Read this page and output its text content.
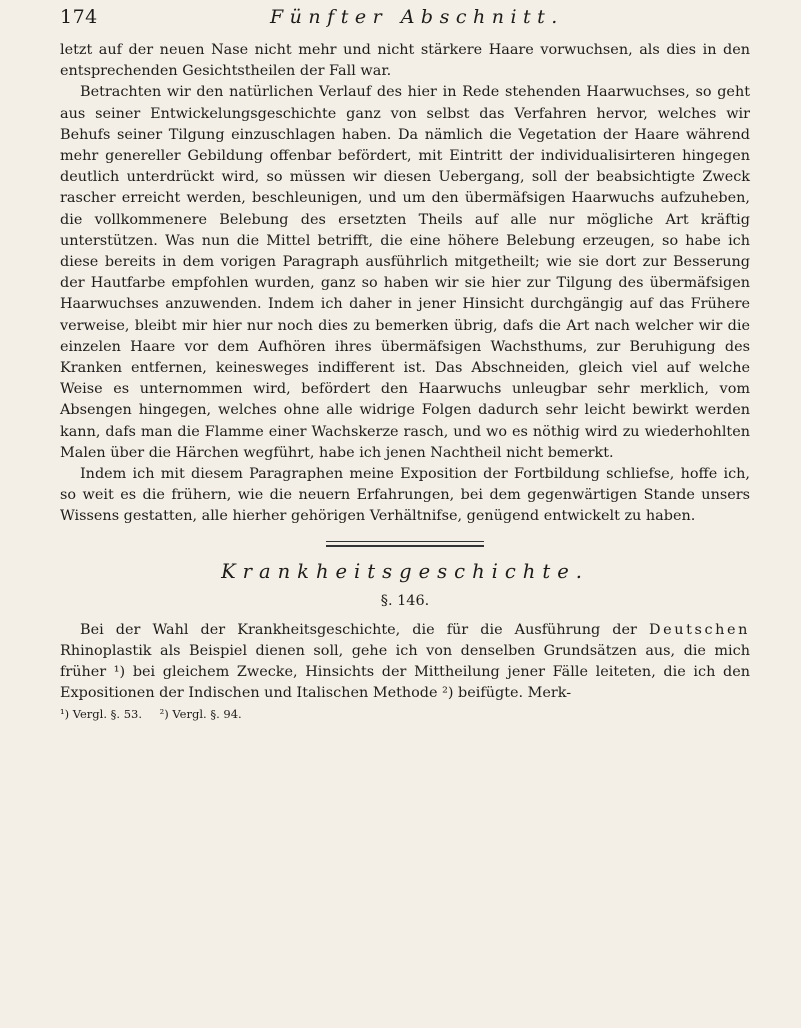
174	Fünfter Abschnitt.

letzt auf der neuen Nase nicht mehr und nicht stärkere Haare vorwuchsen, als dies in den entsprechenden Gesichtstheilen der Fall war.

Betrachten wir den natürlichen Verlauf des hier in Rede stehenden Haarwuchses, so geht aus seiner Entwickelungsgeschichte ganz von selbst das Verfahren hervor, welches wir Behufs seiner Tilgung einzuschlagen haben. Da nämlich die Vegetation der Haare während mehr genereller Gebildung offenbar befördert, mit Eintritt der individualisirteren hingegen deutlich unterdrückt wird, so müssen wir diesen Uebergang, soll der beabsichtigte Zweck rascher erreicht werden, beschleunigen, und um den übermäfsigen Haarwuchs aufzuheben, die vollkommenere Belebung des ersetzten Theils auf alle nur mögliche Art kräftig unterstützen. Was nun die Mittel betrifft, die eine höhere Belebung erzeugen, so habe ich diese bereits in dem vorigen Paragraph ausführlich mitgetheilt; wie sie dort zur Besserung der Hautfarbe empfohlen wurden, ganz so haben wir sie hier zur Tilgung des übermäfsigen Haarwuchses anzuwenden. Indem ich daher in jener Hinsicht durchgängig auf das Frühere verweise, bleibt mir hier nur noch dies zu bemerken übrig, dafs die Art nach welcher wir die einzelen Haare vor dem Aufhören ihres übermäfsigen Wachsthums, zur Beruhigung des Kranken entfernen, keinesweges indifferent ist. Das Abschneiden, gleich viel auf welche Weise es unternommen wird, befördert den Haarwuchs unleugbar sehr merklich, vom Absengen hingegen, welches ohne alle widrige Folgen dadurch sehr leicht bewirkt werden kann, dafs man die Flamme einer Wachskerze rasch, und wo es nöthig wird zu wiederhohlten Malen über die Härchen wegführt, habe ich jenen Nachtheil nicht bemerkt.

Indem ich mit diesem Paragraphen meine Exposition der Fortbildung schliefse, hoffe ich, so weit es die frühern, wie die neuern Erfahrungen, bei dem gegenwärtigen Stande unsers Wissens gestatten, alle hierher gehörigen Verhältnifse, genügend entwickelt zu haben.

Krankheitsgeschichte.
§. 146.

Bei der Wahl der Krankheitsgeschichte, die für die Ausführung der Deutschen Rhinoplastik als Beispiel dienen soll, gehe ich von denselben Grundsätzen aus, die mich früher ¹) bei gleichem Zwecke, Hinsichts der Mittheilung jener Fälle leiteten, die ich den Expositionen der Indischen und Italischen Methode ²) beifügte. Merk-

¹) Vergl. §. 53. ²) Vergl. §. 94.
